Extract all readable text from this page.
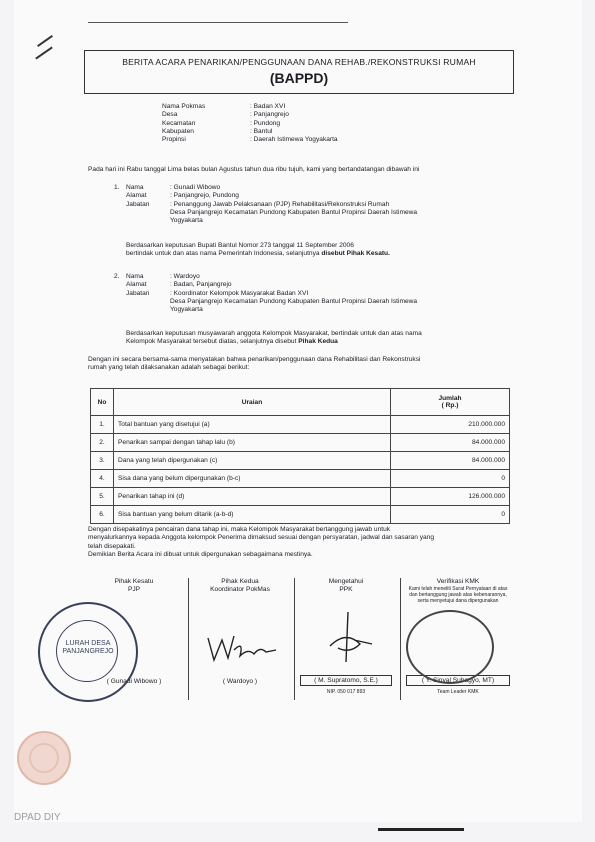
BERITA ACARA PENARIKAN/PENGGUNAAN DANA REHAB./REKONSTRUKSI RUMAH
(BAPPD)
Nama Pokmas	: Badan XVI
Desa	: Panjangrejo
Kecamatan	: Pundong
Kabupaten	: Bantul
Propinsi	: Daerah Istimewa Yogyakarta
Pada hari ini Rabu tanggal Lima belas bulan Agustus tahun dua ribu tujuh, kami yang bertandatangan dibawah ini
1. Nama	: Gunadi Wibowo
Alamat	: Panjangrejo, Pundong
Jabatan	: Penanggung Jawab Pelaksanaan (PJP) Rehabilitasi/Rekonstruksi Rumah
Desa Panjangrejo Kecamatan Pundong Kabupaten Bantul Propinsi Daerah Istimewa
Yogyakarta
Berdasarkan keputusan Bupati Bantul Nomor 273 tanggal 11 September 2006
bertindak untuk dan atas nama Pemerintah Indonesia, selanjutnya disebut Pihak Kesatu.
2. Nama	: Wardoyo
Alamat	: Badan, Panjangrejo
Jabatan	: Koordinator Kelompok Masyarakat Badan XVI
Desa Panjangrejo Kecamatan Pundong Kabupaten Bantul Propinsi Daerah Istimewa
Yogyakarta
Berdasarkan keputusan musyawarah anggota Kelompok Masyarakat, bertindak untuk dan atas nama
Kelompok Masyarakat tersebut diatas, selanjutnya disebut Pihak Kedua
Dengan ini secara bersama-sama menyatakan bahwa penarikan/penggunaan dana Rehabilitasi dan Rekonstruksi
rumah yang telah dilaksanakan adalah sebagai berikut:
No	Uraian	Jumlah
( Rp.)

1.	Total bantuan yang disetujui (a)	210.000.000
2.	Penarikan sampai dengan tahap lalu (b)	84.000.000
3.	Dana yang telah dipergunakan (c)	84.000.000
4.	Sisa dana yang belum dipergunakan (b-c)	0
5.	Penarikan tahap ini (d)	126.000.000
6.	Sisa bantuan yang belum ditarik (a-b-d)	0
Dengan disepakatinya pencairan dana tahap ini, maka Kelompok Masyarakat bertanggung jawab untuk
menyalurkannya kepada Anggota kelompok Penerima dimaksud sesuai dengan persyaratan, jadwal dan sasaran yang
telah disepakati.
Demikian Berita Acara ini dibuat untuk dipergunakan sebagaimana mestinya.
Pihak Kesatu
PJP
( Gunadi Wibowo )
Pihak Kedua
Koordinator PokMas
( Wardoyo )
Mengetahui
PPK
( M. Supratomo, S.E.)
NIP. 050 017 893
Verifikasi KMK
Kami telah meneliti Surat Pernyataan di atas dan bertanggung jawab atas kebenarannya, serta menyetujui dana dipergunakan
( Y. Sinyal Subagyo, MT)
Team Leader KMK
LURAH DESA PANJANGREJO
DPAD DIY
